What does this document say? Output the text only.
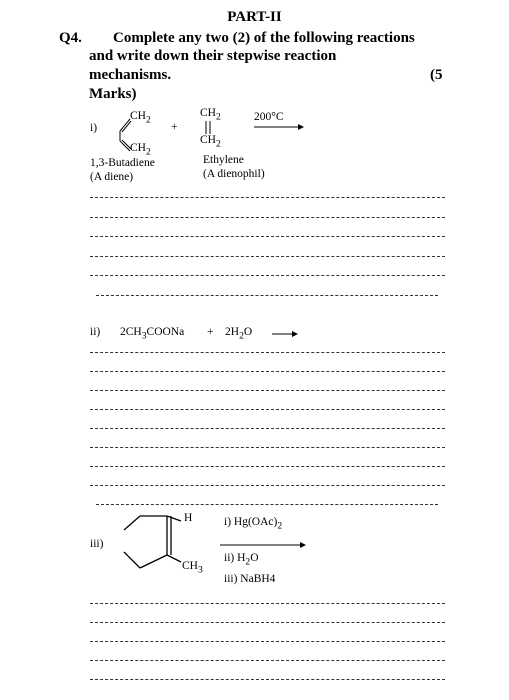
PART-II
Q4. Complete any two (2) of the following reactions
and write down their stepwise reaction
mechanisms.	(5
Marks)
i)
$CH_2$
$CH_2$
+
$CH_2$
$CH_2$
200°C
1,3-Butadiene
(A diene)
Ethylene
(A dienophil)
ii) $2CH_3COONa + 2H_2O$
iii)
H
$CH_3$
i) $Hg(OAc)_2$
ii) $H_2O$
iii) NaBH4
